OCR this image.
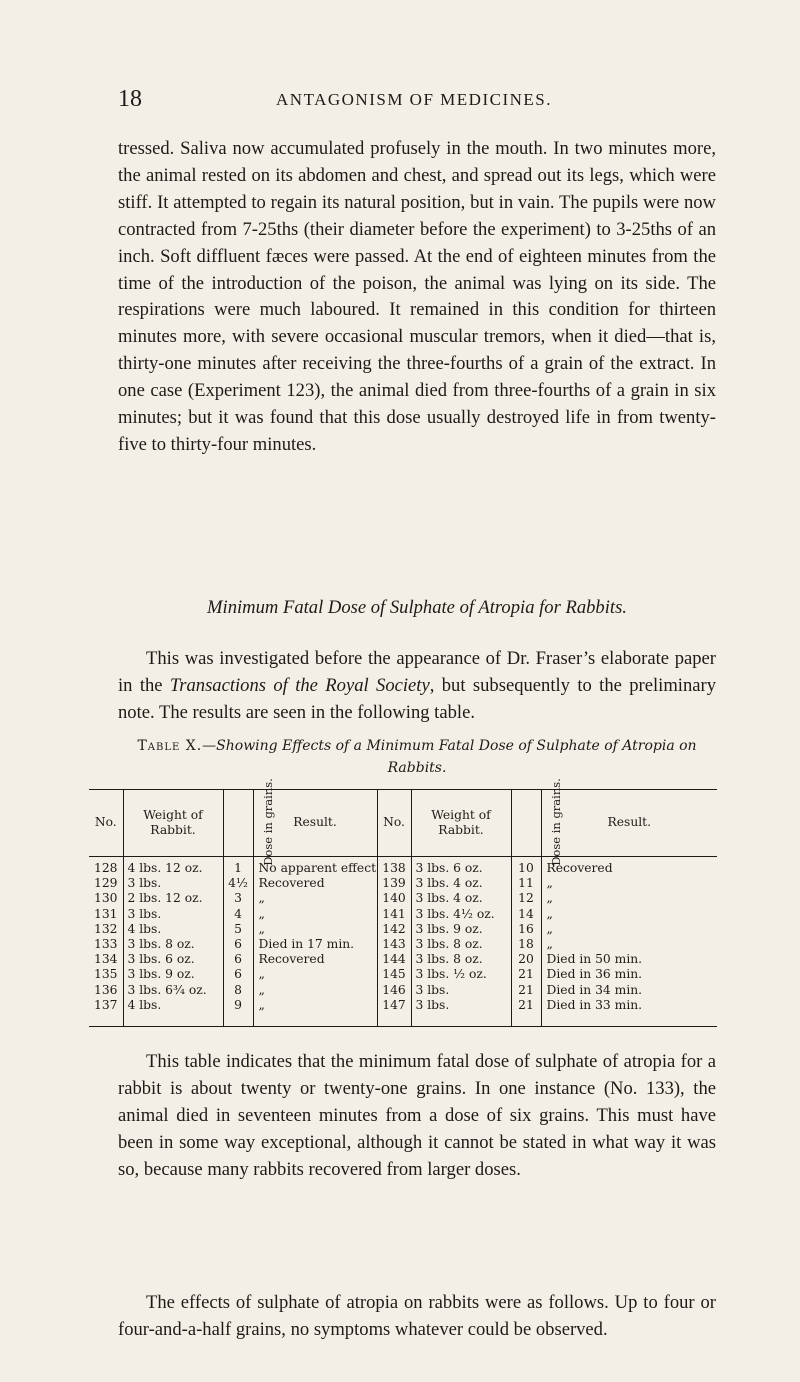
18	ANTAGONISM OF MEDICINES.

tressed. Saliva now accumulated profusely in the mouth. In two minutes more, the animal rested on its abdomen and chest, and spread out its legs, which were stiff. It attempted to regain its natural position, but in vain. The pupils were now contracted from 7-25ths (their diameter before the experiment) to 3-25ths of an inch. Soft diffluent fæces were passed. At the end of eighteen minutes from the time of the introduction of the poison, the animal was lying on its side. The respirations were much laboured. It remained in this condition for thirteen minutes more, with severe occasional muscular tremors, when it died—that is, thirty-one minutes after receiving the three-fourths of a grain of the extract. In one case (Experiment 123), the animal died from three-fourths of a grain in six minutes; but it was found that this dose usually destroyed life in from twenty-five to thirty-four minutes.

Minimum Fatal Dose of Sulphate of Atropia for Rabbits.

This was investigated before the appearance of Dr. Fraser’s elaborate paper in the Transactions of the Royal Society, but subsequently to the preliminary note. The results are seen in the following table.

Table X.—Showing Effects of a Minimum Fatal Dose of Sulphate of Atropia on Rabbits.
No.	Weight of Rabbit.	Dose in grains.	Result.	No.	Weight of Rabbit.	Dose in grains.	Result.
128	4 lbs. 12 oz.	1	No apparent effect	138	3 lbs. 6 oz.	10	Recovered
129	3 lbs.	4½	Recovered	139	3 lbs. 4 oz.	11	„
130	2 lbs. 12 oz.	3	„	140	3 lbs. 4 oz.	12	„
131	3 lbs.	4	„	141	3 lbs. 4½ oz.	14	„
132	4 lbs.	5	„	142	3 lbs. 9 oz.	16	„
133	3 lbs. 8 oz.	6	Died in 17 min.	143	3 lbs. 8 oz.	18	„
134	3 lbs. 6 oz.	6	Recovered	144	3 lbs. 8 oz.	20	Died in 50 min.
135	3 lbs. 9 oz.	6	„	145	3 lbs. ½ oz.	21	Died in 36 min.
136	3 lbs. 6¾ oz.	8	„	146	3 lbs.	21	Died in 34 min.
137	4 lbs.	9	„	147	3 lbs.	21	Died in 33 min.

This table indicates that the minimum fatal dose of sulphate of atropia for a rabbit is about twenty or twenty-one grains. In one instance (No. 133), the animal died in seventeen minutes from a dose of six grains. This must have been in some way exceptional, although it cannot be stated in what way it was so, because many rabbits recovered from larger doses.

The effects of sulphate of atropia on rabbits were as follows. Up to four or four-and-a-half grains, no symptoms whatever could be observed.
